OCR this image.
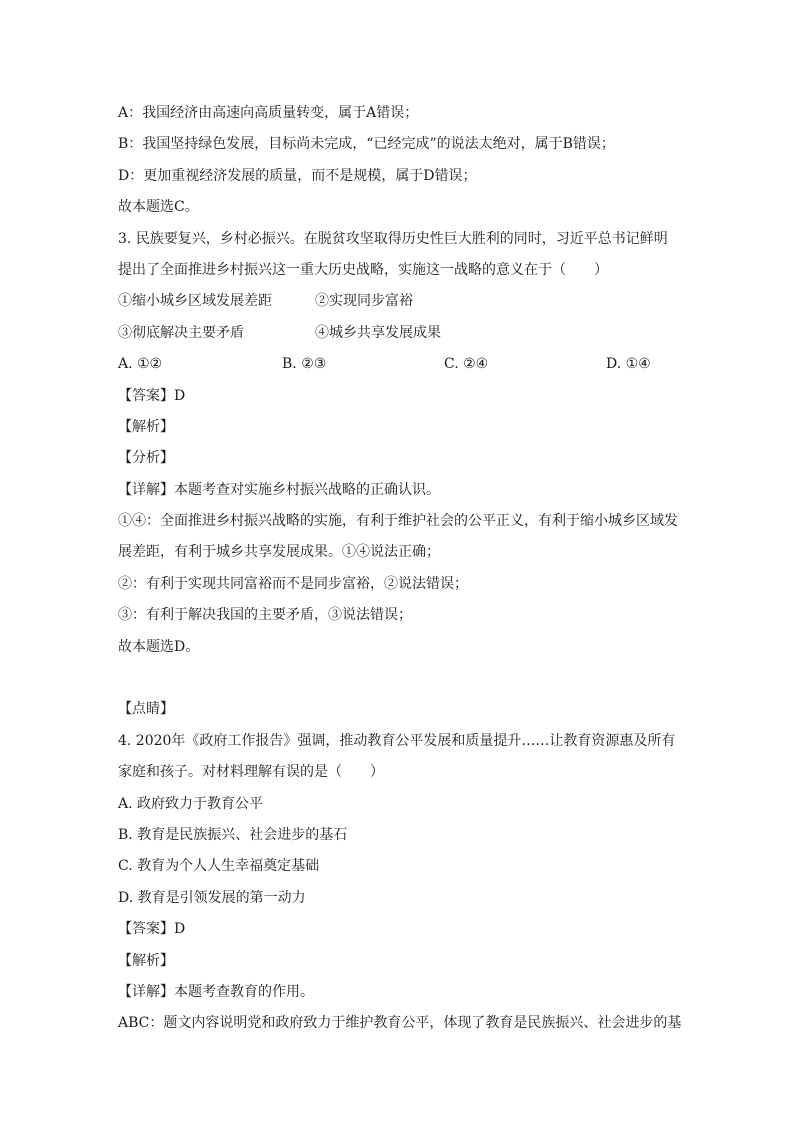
A：我国经济由高速向高质量转变，属于A错误；
B：我国坚持绿色发展，目标尚未完成，“已经完成”的说法太绝对，属于B错误；
D：更加重视经济发展的质量，而不是规模，属于D错误；
故本题选C。
3. 民族要复兴，乡村必振兴。在脱贫攻坚取得历史性巨大胜利的同时，习近平总书记鲜明
提出了全面推进乡村振兴这一重大历史战略，实施这一战略的意义在于（　　）
①缩小城乡区域发展差距	②实现同步富裕
③彻底解决主要矛盾	④城乡共享发展成果
A. ①②	B. ②③	C. ②④	D. ①④
【答案】D
【解析】
【分析】
【详解】本题考查对实施乡村振兴战略的正确认识。
①④：全面推进乡村振兴战略的实施，有利于维护社会的公平正义，有利于缩小城乡区域发
展差距，有利于城乡共享发展成果。①④说法正确；
②：有利于实现共同富裕而不是同步富裕，②说法错误；
③：有利于解决我国的主要矛盾，③说法错误；
故本题选D。
【点睛】
4. 2020年《政府工作报告》强调，推动教育公平发展和质量提升……让教育资源惠及所有
家庭和孩子。对材料理解有误的是（　　）
A. 政府致力于教育公平
B. 教育是民族振兴、社会进步的基石
C. 教育为个人人生幸福奠定基础
D. 教育是引领发展的第一动力
【答案】D
【解析】
【详解】本题考查教育的作用。
ABC：题文内容说明党和政府致力于维护教育公平，体现了教育是民族振兴、社会进步的基
